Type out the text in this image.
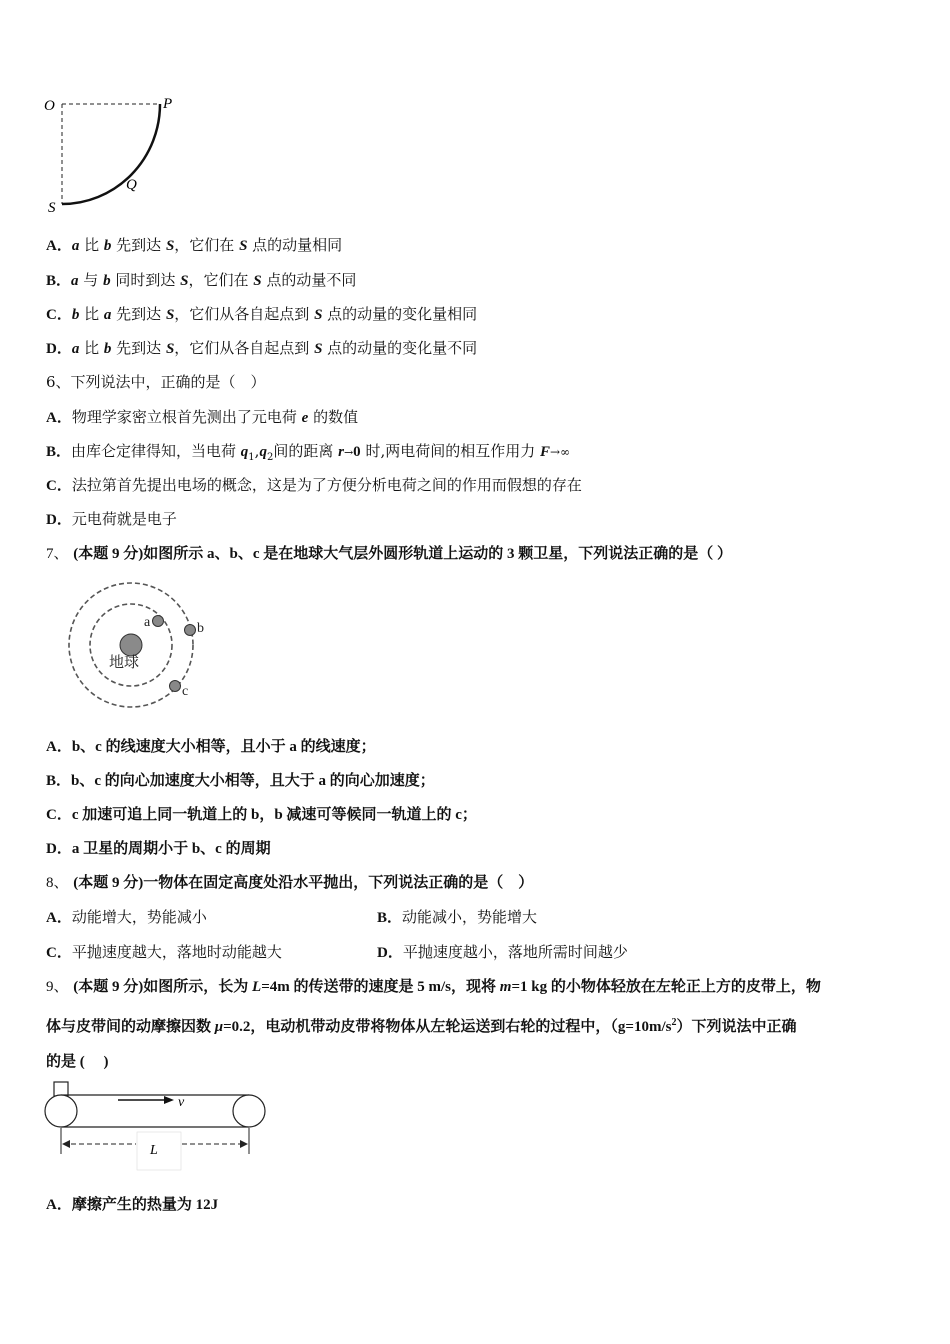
O	P
Q
S
A．a 比 b 先到达 S，它们在 S 点的动量相同
B．a 与 b 同时到达 S，它们在 S 点的动量不同
C．b 比 a 先到达 S，它们从各自起点到 S 点的动量的变化量相同
D．a 比 b 先到达 S，它们从各自起点到 S 点的动量的变化量不同
6、下列说法中，正确的是（　）
A．物理学家密立根首先测出了元电荷 e 的数值
B．由库仑定律得知，当电荷 $q_1,q_2$间的距离 r→0 时,两电荷间的相互作用力 F→∞
C．法拉第首先提出电场的概念，这是为了方便分析电荷之间的作用而假想的存在
D．元电荷就是电子
7、 (本题 9 分)如图所示 a、b、c 是在地球大气层外圆形轨道上运动的 3 颗卫星，下列说法正确的是（ ）
地球
a	b
c
A．b、c 的线速度大小相等，且小于 a 的线速度；
B．b、c 的向心加速度大小相等，且大于 a 的向心加速度；
C．c 加速可追上同一轨道上的 b，b 减速可等候同一轨道上的 c；
D．a 卫星的周期小于 b、c 的周期
8、 (本题 9 分)一物体在固定高度处沿水平抛出，下列说法正确的是（　）
A．动能增大，势能减小	B．动能减小，势能增大
C．平抛速度越大，落地时动能越大	D．平抛速度越小，落地所需时间越少
9、 (本题 9 分)如图所示，长为 L=4m 的传送带的速度是 5 m/s，现将 m=1 kg 的小物体轻放在左轮正上方的皮带上，物
体与皮带间的动摩擦因数 μ=0.2，电动机带动皮带将物体从左轮运送到右轮的过程中，$(g=10m/s^2)$下列说法中正确
的是 (　 )
v
L
A．摩擦产生的热量为 12J
